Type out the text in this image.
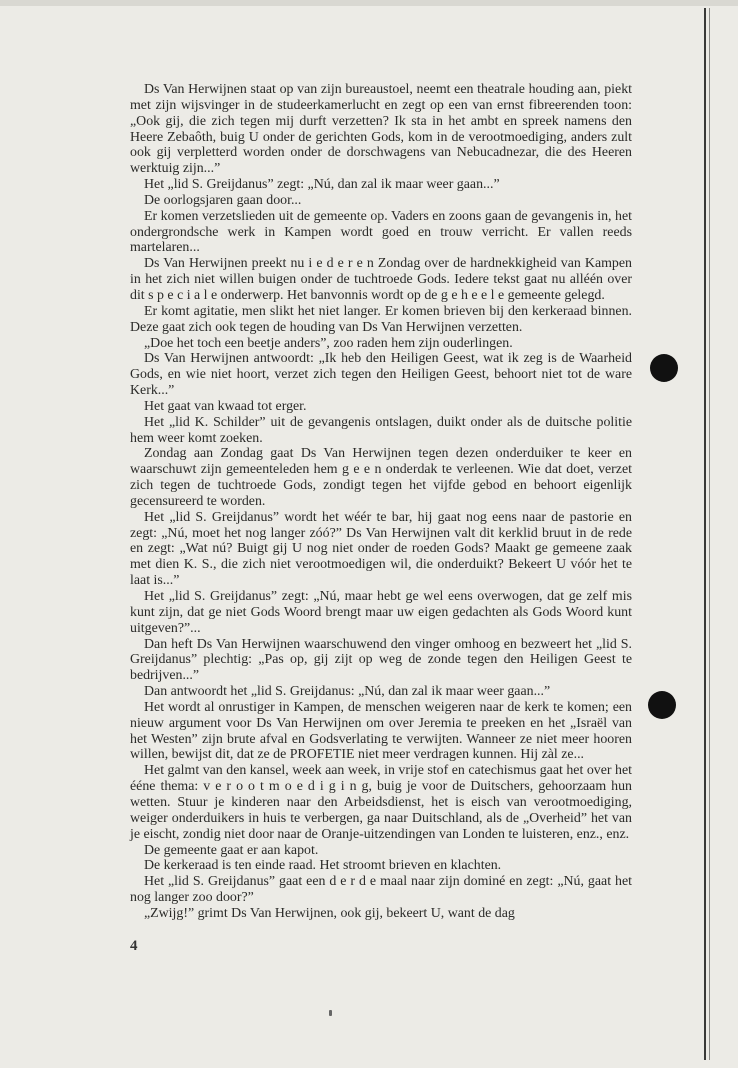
Ds Van Herwijnen staat op van zijn bureaustoel, neemt een theatrale houding aan, piekt met zijn wijsvinger in de studeerkamerlucht en zegt op een van ernst fibreerenden toon: „Ook gij, die zich tegen mij durft verzetten? Ik sta in het ambt en spreek namens den Heere Zebaôth, buig U onder de gerichten Gods, kom in de verootmoediging, anders zult ook gij verpletterd worden onder de dorschwagens van Nebucadnezar, die des Heeren werktuig zijn...”

Het „lid S. Greijdanus” zegt: „Nú, dan zal ik maar weer gaan...”

De oorlogsjaren gaan door...

Er komen verzetslieden uit de gemeente op. Vaders en zoons gaan de gevangenis in, het ondergrondsche werk in Kampen wordt goed en trouw verricht. Er vallen reeds martelaren...

Ds Van Herwijnen preekt nu i e d e r e n Zondag over de hardnekkigheid van Kampen in het zich niet willen buigen onder de tuchtroede Gods. Iedere tekst gaat nu alléén over dit s p e c i a l e onderwerp. Het banvonnis wordt op de g e h e e l e gemeente gelegd.

Er komt agitatie, men slikt het niet langer. Er komen brieven bij den kerkeraad binnen. Deze gaat zich ook tegen de houding van Ds Van Herwijnen verzetten.

„Doe het toch een beetje anders”, zoo raden hem zijn ouderlingen.

Ds Van Herwijnen antwoordt: „Ik heb den Heiligen Geest, wat ik zeg is de Waarheid Gods, en wie niet hoort, verzet zich tegen den Heiligen Geest, behoort niet tot de ware Kerk...”

Het gaat van kwaad tot erger.

Het „lid K. Schilder” uit de gevangenis ontslagen, duikt onder als de duitsche politie hem weer komt zoeken.

Zondag aan Zondag gaat Ds Van Herwijnen tegen dezen onderduiker te keer en waarschuwt zijn gemeenteleden hem g e e n onderdak te verleenen. Wie dat doet, verzet zich tegen de tuchtroede Gods, zondigt tegen het vijfde gebod en behoort eigenlijk gecensureerd te worden.

Het „lid S. Greijdanus” wordt het wéér te bar, hij gaat nog eens naar de pastorie en zegt: „Nú, moet het nog langer zóó?” Ds Van Herwijnen valt dit kerklid bruut in de rede en zegt: „Wat nú? Buigt gij U nog niet onder de roeden Gods? Maakt ge gemeene zaak met dien K. S., die zich niet verootmoedigen wil, die onderduikt? Bekeert U vóór het te laat is...”

Het „lid S. Greijdanus” zegt: „Nú, maar hebt ge wel eens overwogen, dat ge zelf mis kunt zijn, dat ge niet Gods Woord brengt maar uw eigen gedachten als Gods Woord kunt uitgeven?”...

Dan heft Ds Van Herwijnen waarschuwend den vinger omhoog en bezweert het „lid S. Greijdanus” plechtig: „Pas op, gij zijt op weg de zonde tegen den Heiligen Geest te bedrijven...”

Dan antwoordt het „lid S. Greijdanus: „Nú, dan zal ik maar weer gaan...”

Het wordt al onrustiger in Kampen, de menschen weigeren naar de kerk te komen; een nieuw argument voor Ds Van Herwijnen om over Jeremia te preeken en het „Israël van het Westen” zijn brute afval en Godsverlating te verwijten. Wanneer ze niet meer hooren willen, bewijst dit, dat ze de PROFETIE niet meer verdragen kunnen. Hij zàl ze...

Het galmt van den kansel, week aan week, in vrije stof en catechismus gaat het over het ééne thema: v e r o o t m o e d i g i n g, buig je voor de Duitschers, gehoorzaam hun wetten. Stuur je kinderen naar den Arbeidsdienst, het is eisch van verootmoediging, weiger onderduikers in huis te verbergen, ga naar Duitschland, als de „Overheid” het van je eischt, zondig niet door naar de Oranje-uitzendingen van Londen te luisteren, enz., enz.

De gemeente gaat er aan kapot.

De kerkeraad is ten einde raad. Het stroomt brieven en klachten.

Het „lid S. Greijdanus” gaat een d e r d e maal naar zijn dominé en zegt: „Nú, gaat het nog langer zoo door?”

„Zwijg!” grimt Ds Van Herwijnen, ook gij, bekeert U, want de dag

4
